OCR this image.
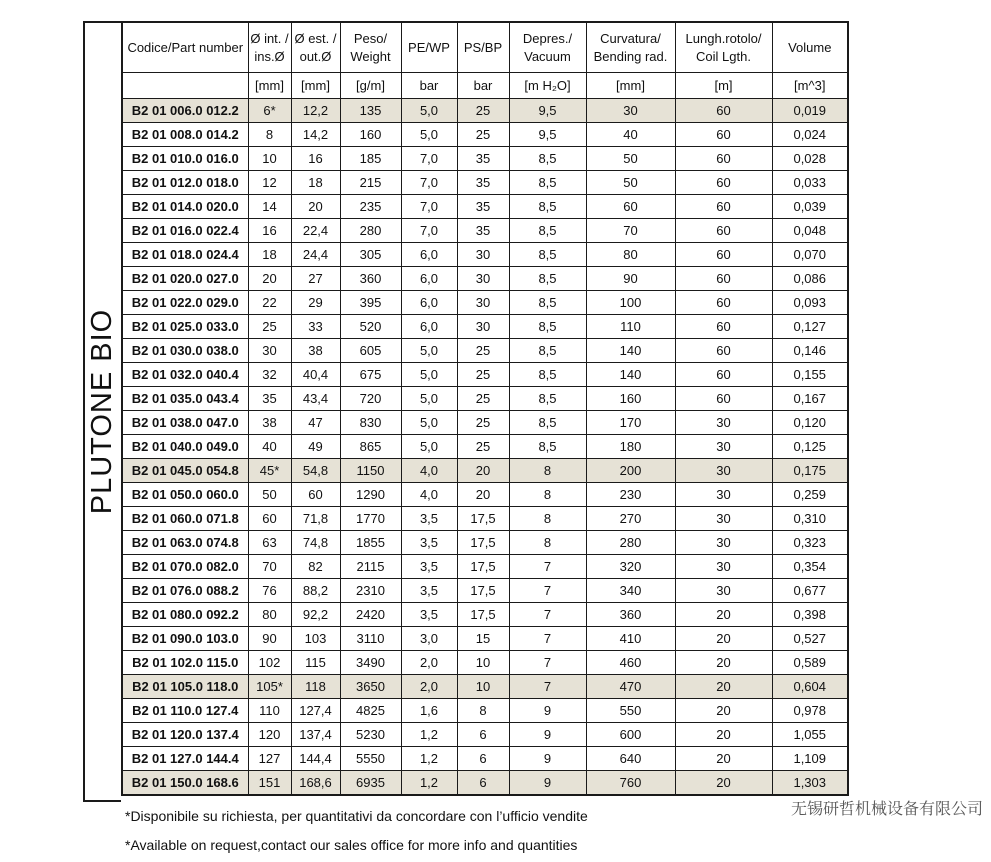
PLUTONE BIO
Codice/Part number	Ø int. / ins.Ø	Ø est. / out.Ø	Peso/ Weight	PE/WP	PS/BP	Depres./ Vacuum	Curvatura/ Bending rad.	Lungh.rotolo/ Coil Lgth.	Volume
	[mm]	[mm]	[g/m]	bar	bar	[m H₂O]	[mm]	[m]	[m^3]
B2 01 006.0 012.2	6*	12,2	135	5,0	25	9,5	30	60	0,019
B2 01 008.0 014.2	8	14,2	160	5,0	25	9,5	40	60	0,024
B2 01 010.0 016.0	10	16	185	7,0	35	8,5	50	60	0,028
B2 01 012.0 018.0	12	18	215	7,0	35	8,5	50	60	0,033
B2 01 014.0 020.0	14	20	235	7,0	35	8,5	60	60	0,039
B2 01 016.0 022.4	16	22,4	280	7,0	35	8,5	70	60	0,048
B2 01 018.0 024.4	18	24,4	305	6,0	30	8,5	80	60	0,070
B2 01 020.0 027.0	20	27	360	6,0	30	8,5	90	60	0,086
B2 01 022.0 029.0	22	29	395	6,0	30	8,5	100	60	0,093
B2 01 025.0 033.0	25	33	520	6,0	30	8,5	110	60	0,127
B2 01 030.0 038.0	30	38	605	5,0	25	8,5	140	60	0,146
B2 01 032.0 040.4	32	40,4	675	5,0	25	8,5	140	60	0,155
B2 01 035.0 043.4	35	43,4	720	5,0	25	8,5	160	60	0,167
B2 01 038.0 047.0	38	47	830	5,0	25	8,5	170	30	0,120
B2 01 040.0 049.0	40	49	865	5,0	25	8,5	180	30	0,125
B2 01 045.0 054.8	45*	54,8	1150	4,0	20	8	200	30	0,175
B2 01 050.0 060.0	50	60	1290	4,0	20	8	230	30	0,259
B2 01 060.0 071.8	60	71,8	1770	3,5	17,5	8	270	30	0,310
B2 01 063.0 074.8	63	74,8	1855	3,5	17,5	8	280	30	0,323
B2 01 070.0 082.0	70	82	2115	3,5	17,5	7	320	30	0,354
B2 01 076.0 088.2	76	88,2	2310	3,5	17,5	7	340	30	0,677
B2 01 080.0 092.2	80	92,2	2420	3,5	17,5	7	360	20	0,398
B2 01 090.0 103.0	90	103	3110	3,0	15	7	410	20	0,527
B2 01 102.0 115.0	102	115	3490	2,0	10	7	460	20	0,589
B2 01 105.0 118.0	105*	118	3650	2,0	10	7	470	20	0,604
B2 01 110.0 127.4	110	127,4	4825	1,6	8	9	550	20	0,978
B2 01 120.0 137.4	120	137,4	5230	1,2	6	9	600	20	1,055
B2 01 127.0 144.4	127	144,4	5550	1,2	6	9	640	20	1,109
B2 01 150.0 168.6	151	168,6	6935	1,2	6	9	760	20	1,303
*Disponibile su richiesta, per quantitativi da concordare con l’ufficio vendite
*Available on request,contact our sales office for more info and quantities
无锡研哲机械设备有限公司
